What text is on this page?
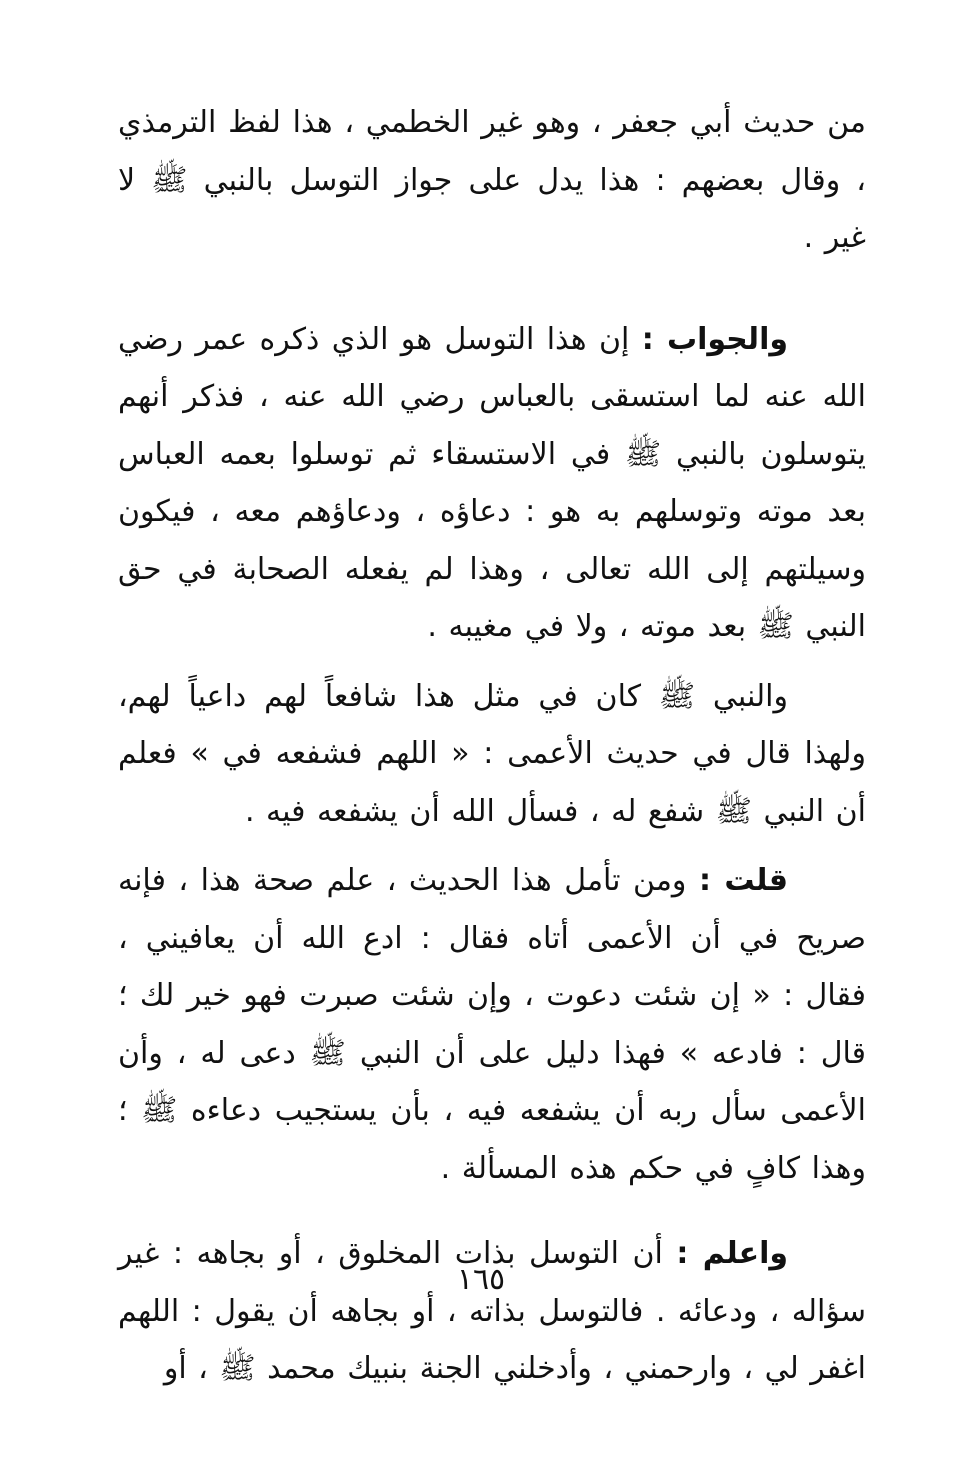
من حديث أبي جعفر ، وهو غير الخطمي ، هذا لفظ الترمذي ، وقال بعضهم : هذا يدل على جواز التوسل بالنبي ﷺ لا غير .

والجواب : إن هذا التوسل هو الذي ذكره عمر رضي الله عنه لما استسقى بالعباس رضي الله عنه ، فذكر أنهم يتوسلون بالنبي ﷺ في الاستسقاء ثم توسلوا بعمه العباس بعد موته وتوسلهم به هو : دعاؤه ، ودعاؤهم معه ، فيكون وسيلتهم إلى الله تعالى ، وهذا لم يفعله الصحابة في حق النبي ﷺ بعد موته ، ولا في مغيبه .

والنبي ﷺ كان في مثل هذا شافعاً لهم داعياً لهم، ولهذا قال في حديث الأعمى : « اللهم فشفعه في » فعلم أن النبي ﷺ شفع له ، فسأل الله أن يشفعه فيه .

قلت : ومن تأمل هذا الحديث ، علم صحة هذا ، فإنه صريح في أن الأعمى أتاه فقال : ادع الله أن يعافيني ، فقال : « إن شئت دعوت ، وإن شئت صبرت فهو خير لك ؛ قال : فادعه » فهذا دليل على أن النبي ﷺ دعى له ، وأن الأعمى سأل ربه أن يشفعه فيه ، بأن يستجيب دعاءه ﷺ ؛ وهذا كافٍ في حكم هذه المسألة .

واعلم : أن التوسل بذات المخلوق ، أو بجاهه : غير سؤاله ، ودعائه . فالتوسل بذاته ، أو بجاهه أن يقول : اللهم اغفر لي ، وارحمني ، وأدخلني الجنة بنبيك محمد ﷺ ، أو

١٦٥
